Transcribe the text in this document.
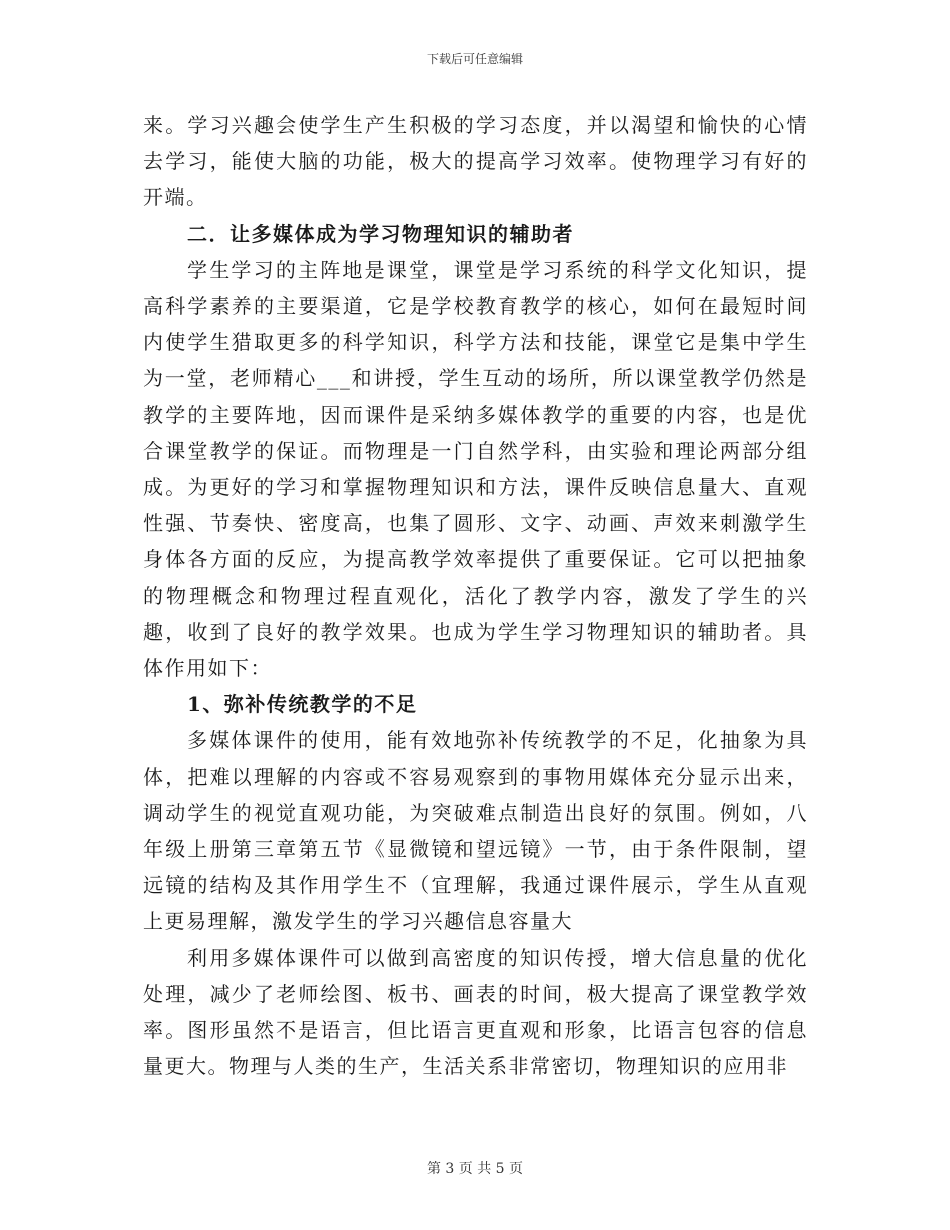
下载后可任意编辑

来。学习兴趣会使学生产生积极的学习态度，并以渴望和愉快的心情去学习，能使大脑的功能，极大的提高学习效率。使物理学习有好的开端。

二．让多媒体成为学习物理知识的辅助者

学生学习的主阵地是课堂，课堂是学习系统的科学文化知识，提高科学素养的主要渠道，它是学校教育教学的核心，如何在最短时间内使学生猎取更多的科学知识，科学方法和技能，课堂它是集中学生为一堂，老师精心___和讲授，学生互动的场所，所以课堂教学仍然是教学的主要阵地，因而课件是采纳多媒体教学的重要的内容，也是优合课堂教学的保证。而物理是一门自然学科，由实验和理论两部分组成。为更好的学习和掌握物理知识和方法，课件反映信息量大、直观性强、节奏快、密度高，也集了圆形、文字、动画、声效来刺激学生身体各方面的反应，为提高教学效率提供了重要保证。它可以把抽象的物理概念和物理过程直观化，活化了教学内容，激发了学生的兴趣，收到了良好的教学效果。也成为学生学习物理知识的辅助者。具体作用如下：

1、弥补传统教学的不足

多媒体课件的使用，能有效地弥补传统教学的不足，化抽象为具体，把难以理解的内容或不容易观察到的事物用媒体充分显示出来，调动学生的视觉直观功能，为突破难点制造出良好的氛围。例如，八年级上册第三章第五节《显微镜和望远镜》一节，由于条件限制，望远镜的结构及其作用学生不（宜理解，我通过课件展示，学生从直观上更易理解，激发学生的学习兴趣信息容量大

利用多媒体课件可以做到高密度的知识传授，增大信息量的优化处理，减少了老师绘图、板书、画表的时间，极大提高了课堂教学效率。图形虽然不是语言，但比语言更直观和形象，比语言包容的信息量更大。物理与人类的生产，生活关系非常密切，物理知识的应用非

第 3 页 共 5 页
